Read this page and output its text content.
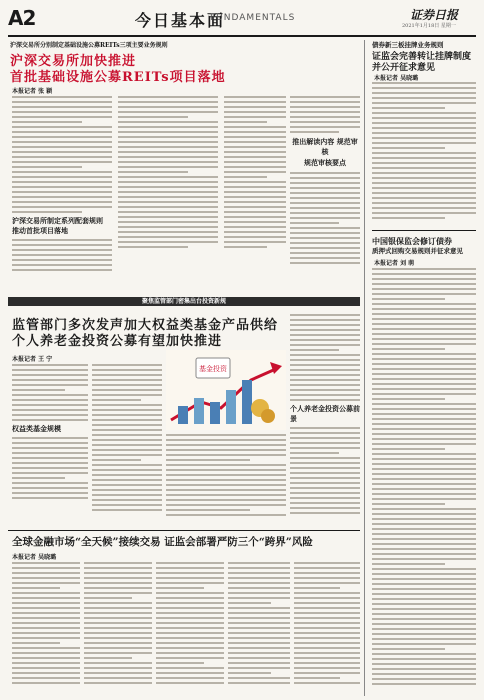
A2	今日基本面
FUNDAMENTALS	证券日报
2021年1月18日 星期一
沪深交易所分别制定基础设施公募REITs三项主要业务规则
沪深交易所加快推进
首批基础设施公募REITs项目落地
本报记者 张 颖
沪深交易所制定系列配套规则 推动首批项目落地
推出解读内容 规范审核
规范审核要点
债券新三板挂牌业务规则
证监会完善转让挂牌制度
并公开征求意见
本报记者 吴晓璐
中国银保监会修订债券
质押式回购交易规则并征求意见
本报记者 刘 萌
聚焦监管部门密集出台投资新规
监管部门多次发声加大权益类基金产品供给
个人养老金投资公募有望加快推进
本报记者 王 宁
基金投资
权益类基金规模
个人养老金投资公募前景
全球金融市场“全天候”接续交易 证监会部署严防三个“跨界”风险
本报记者 吴晓璐
